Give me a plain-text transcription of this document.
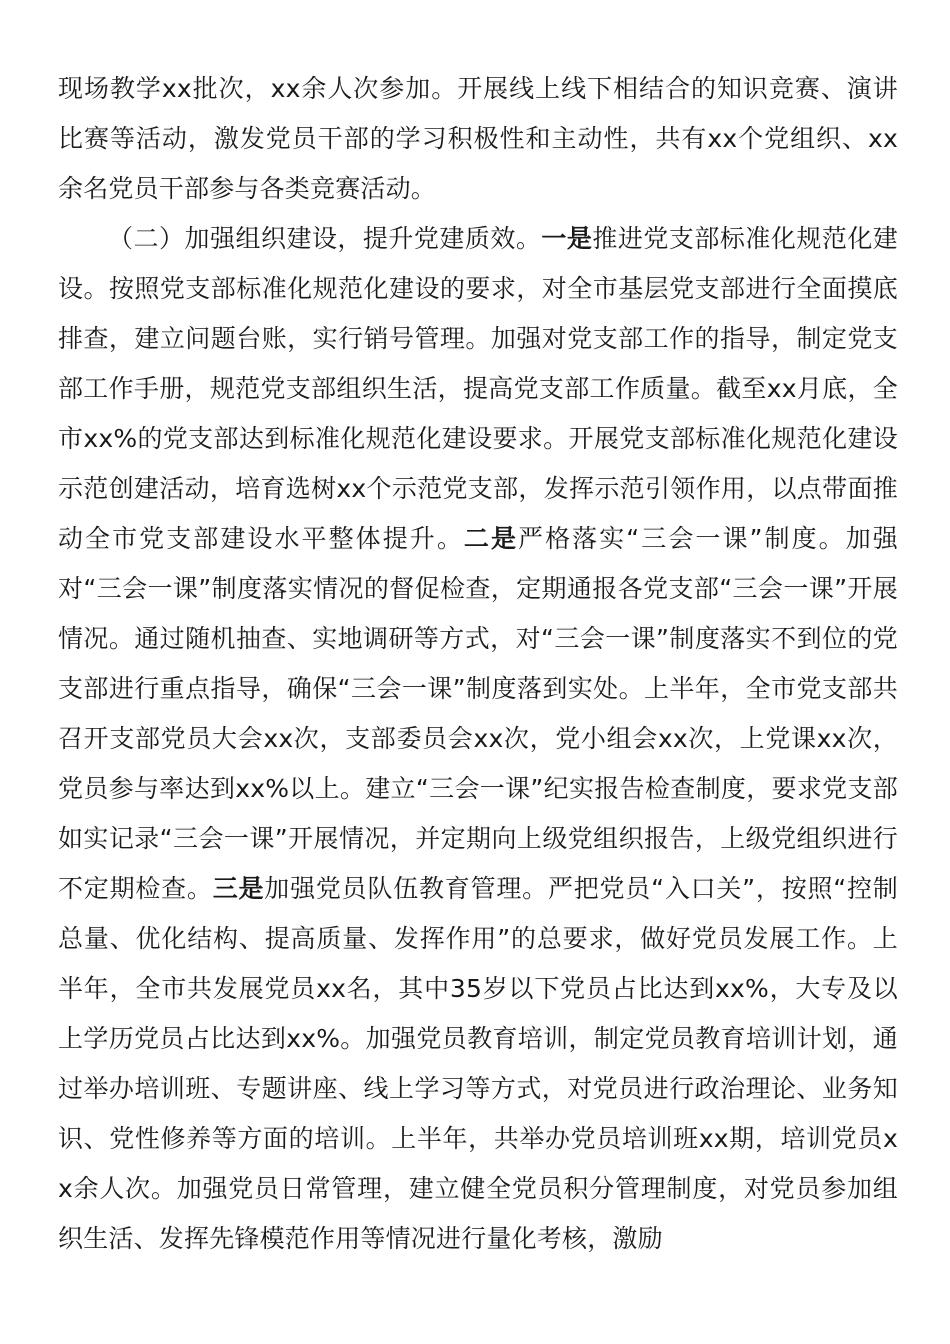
现场教学xx批次，xx余人次参加。开展线上线下相结合的知识竞赛、演讲比赛等活动，激发党员干部的学习积极性和主动性，共有xx个党组织、xx余名党员干部参与各类竞赛活动。

（二）加强组织建设，提升党建质效。一是推进党支部标准化规范化建设。按照党支部标准化规范化建设的要求，对全市基层党支部进行全面摸底排查，建立问题台账，实行销号管理。加强对党支部工作的指导，制定党支部工作手册，规范党支部组织生活，提高党支部工作质量。截至xx月底，全市xx%的党支部达到标准化规范化建设要求。开展党支部标准化规范化建设示范创建活动，培育选树xx个示范党支部，发挥示范引领作用，以点带面推动全市党支部建设水平整体提升。二是严格落实“三会一课”制度。加强对“三会一课”制度落实情况的督促检查，定期通报各党支部“三会一课”开展情况。通过随机抽查、实地调研等方式，对“三会一课”制度落实不到位的党支部进行重点指导，确保“三会一课”制度落到实处。上半年，全市党支部共召开支部党员大会xx次，支部委员会xx次，党小组会xx次，上党课xx次，党员参与率达到xx%以上。建立“三会一课”纪实报告检查制度，要求党支部如实记录“三会一课”开展情况，并定期向上级党组织报告，上级党组织进行不定期检查。三是加强党员队伍教育管理。严把党员“入口关”，按照“控制总量、优化结构、提高质量、发挥作用”的总要求，做好党员发展工作。上半年，全市共发展党员xx名，其中35岁以下党员占比达到xx%，大专及以上学历党员占比达到xx%。加强党员教育培训，制定党员教育培训计划，通过举办培训班、专题讲座、线上学习等方式，对党员进行政治理论、业务知识、党性修养等方面的培训。上半年，共举办党员培训班xx期，培训党员xx余人次。加强党员日常管理，建立健全党员积分管理制度，对党员参加组织生活、发挥先锋模范作用等情况进行量化考核，激励
